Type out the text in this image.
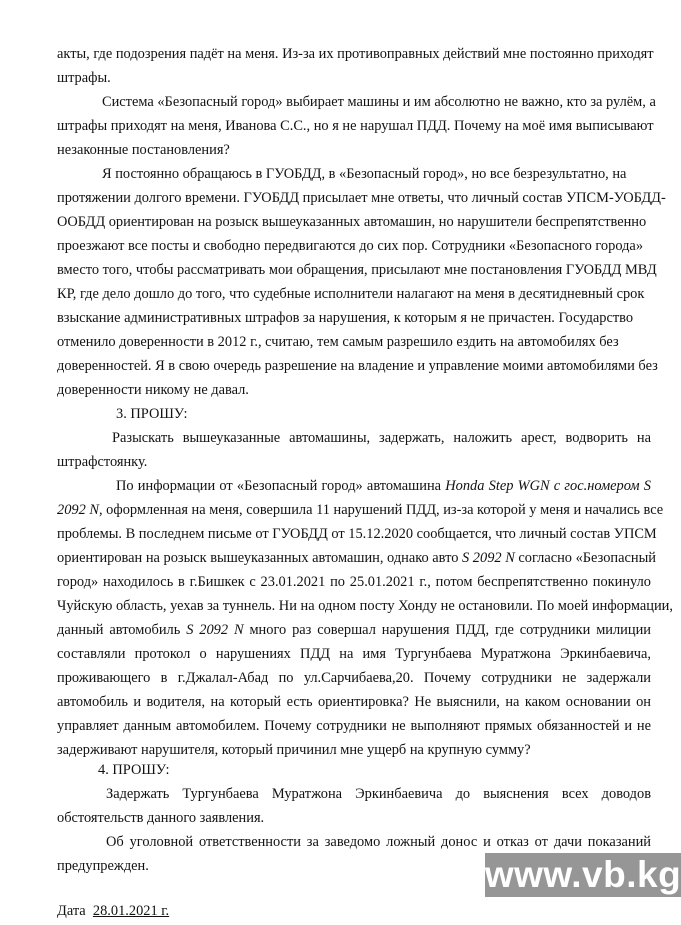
акты, где подозрения падёт на меня. Из-за их противоправных действий мне постоянно приходят
штрафы.
Система «Безопасный город» выбирает машины и им абсолютно не важно, кто за рулём, а
штрафы приходят на меня, Иванова С.С., но я не нарушал ПДД. Почему на моё имя выписывают
незаконные постановления?
Я постоянно обращаюсь в ГУОБДД, в «Безопасный город», но все безрезультатно, на
протяжении долгого времени. ГУОБДД присылает мне ответы, что личный состав УПСМ-УОБДД-
ООБДД ориентирован на розыск вышеуказанных автомашин, но нарушители беспрепятственно
проезжают все посты и свободно передвигаются до сих пор. Сотрудники «Безопасного города»
вместо того, чтобы рассматривать мои обращения, присылают мне постановления ГУОБДД МВД
КР, где дело дошло до того, что судебные исполнители налагают на меня в десятидневный срок
взыскание административных штрафов за нарушения, к которым я не причастен. Государство
отменило доверенности в 2012 г., считаю, тем самым разрешило ездить на автомобилях без
доверенностей. Я в свою очередь разрешение на владение и управление моими автомобилями без
доверенности никому не давал.
3. ПРОШУ:
Разыскать вышеуказанные автомашины, задержать, наложить арест, водворить на
штрафстоянку.
По информации от «Безопасный город» автомашина Honda Step WGN с гос.номером S
2092 N, оформленная на меня, совершила 11 нарушений ПДД, из-за которой у меня и начались все
проблемы. В последнем письме от ГУОБДД от 15.12.2020 сообщается, что личный состав УПСМ
ориентирован на розыск вышеуказанных автомашин, однако авто S 2092 N согласно «Безопасный
город» находилось в г.Бишкек с 23.01.2021 по 25.01.2021 г., потом беспрепятственно покинуло
Чуйскую область, уехав за туннель. Ни на одном посту Хонду не остановили. По моей информации,
данный автомобиль S 2092 N много раз совершал нарушения ПДД, где сотрудники милиции
составляли протокол о нарушениях ПДД на имя Тургунбаева Муратжона Эркинбаевича,
проживающего в г.Джалал-Абад по ул.Сарчибаева,20. Почему сотрудники не задержали
автомобиль и водителя, на который есть ориентировка? Не выяснили, на каком основании он
управляет данным автомобилем. Почему сотрудники не выполняют прямых обязанностей и не
задерживают нарушителя, который причинил мне ущерб на крупную сумму?
4. ПРОШУ:
Задержать Тургунбаева Муратжона Эркинбаевича до выяснения всех доводов
обстоятельств данного заявления.
Об уголовной ответственности за заведомо ложный донос и отказ от дачи показаний
предупрежден.
Дата 28.01.2021 г.
www.vb.kg
